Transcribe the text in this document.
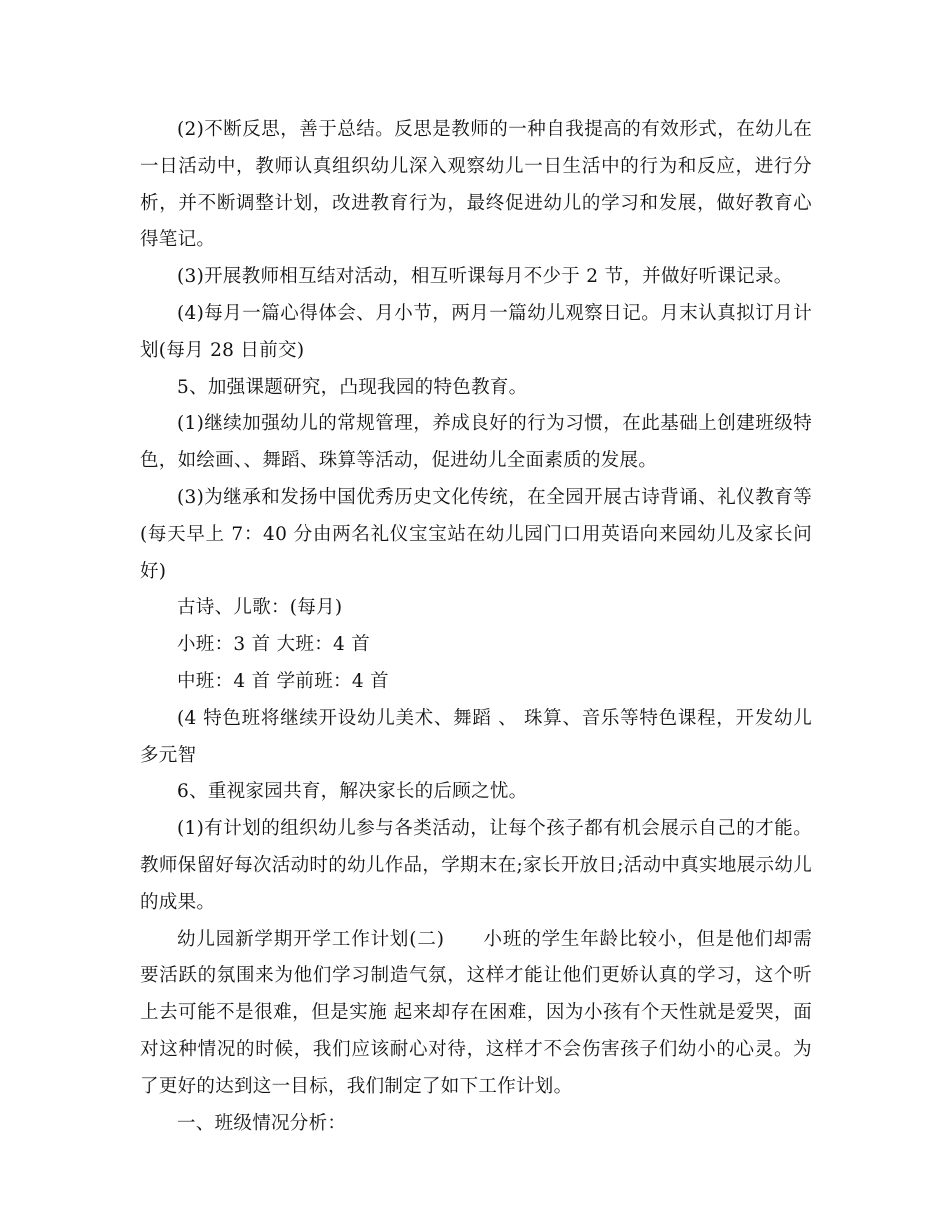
(2)不断反思，善于总结。反思是教师的一种自我提高的有效形式，在幼儿在一日活动中，教师认真组织幼儿深入观察幼儿一日生活中的行为和反应，进行分析，并不断调整计划，改进教育行为，最终促进幼儿的学习和发展，做好教育心得笔记。

(3)开展教师相互结对活动，相互听课每月不少于 2 节，并做好听课记录。

(4)每月一篇心得体会、月小节，两月一篇幼儿观察日记。月末认真拟订月计划(每月 28 日前交)

5、加强课题研究，凸现我园的特色教育。

(1)继续加强幼儿的常规管理，养成良好的行为习惯，在此基础上创建班级特色，如绘画、、舞蹈、珠算等活动，促进幼儿全面素质的发展。

(3)为继承和发扬中国优秀历史文化传统，在全园开展古诗背诵、礼仪教育等(每天早上 7：40 分由两名礼仪宝宝站在幼儿园门口用英语向来园幼儿及家长问好)

古诗、儿歌：(每月)

小班：3 首 大班：4 首

中班：4 首 学前班：4 首

(4 特色班将继续开设幼儿美术、舞蹈 、 珠算、音乐等特色课程，开发幼儿多元智

6、重视家园共育，解决家长的后顾之忧。

(1)有计划的组织幼儿参与各类活动，让每个孩子都有机会展示自己的才能。教师保留好每次活动时的幼儿作品，学期末在;家长开放日;活动中真实地展示幼儿的成果。

幼儿园新学期开学工作计划(二)　　小班的学生年龄比较小，但是他们却需要活跃的氛围来为他们学习制造气氛，这样才能让他们更娇认真的学习，这个听上去可能不是很难，但是实施 起来却存在困难，因为小孩有个天性就是爱哭，面对这种情况的时候，我们应该耐心对待，这样才不会伤害孩子们幼小的心灵。为了更好的达到这一目标，我们制定了如下工作计划。

一、班级情况分析：
